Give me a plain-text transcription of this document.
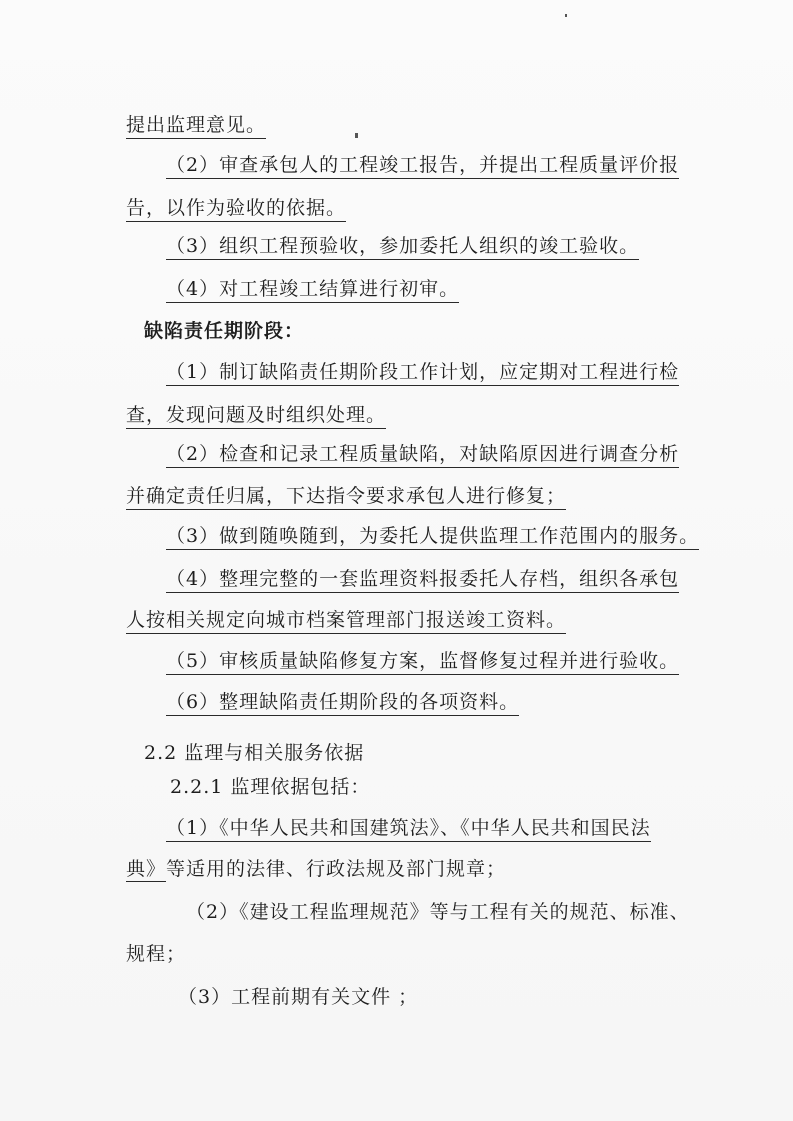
提出监理意见。
（2）审查承包人的工程竣工报告，并提出工程质量评价报
告，以作为验收的依据。
（3）组织工程预验收，参加委托人组织的竣工验收。
（4）对工程竣工结算进行初审。
缺陷责任期阶段：
（1）制订缺陷责任期阶段工作计划，应定期对工程进行检
查，发现问题及时组织处理。
（2）检查和记录工程质量缺陷，对缺陷原因进行调查分析
并确定责任归属，下达指令要求承包人进行修复；
（3）做到随唤随到，为委托人提供监理工作范围内的服务。
（4）整理完整的一套监理资料报委托人存档，组织各承包
人按相关规定向城市档案管理部门报送竣工资料。
（5）审核质量缺陷修复方案，监督修复过程并进行验收。
（6）整理缺陷责任期阶段的各项资料。
2.2 监理与相关服务依据
2.2.1 监理依据包括：
（1）《中华人民共和国建筑法》、《中华人民共和国民法
典》等适用的法律、行政法规及部门规章；
（2）《建设工程监理规范》等与工程有关的规范、标准、
规程；
（3）工程前期有关文件 ；
